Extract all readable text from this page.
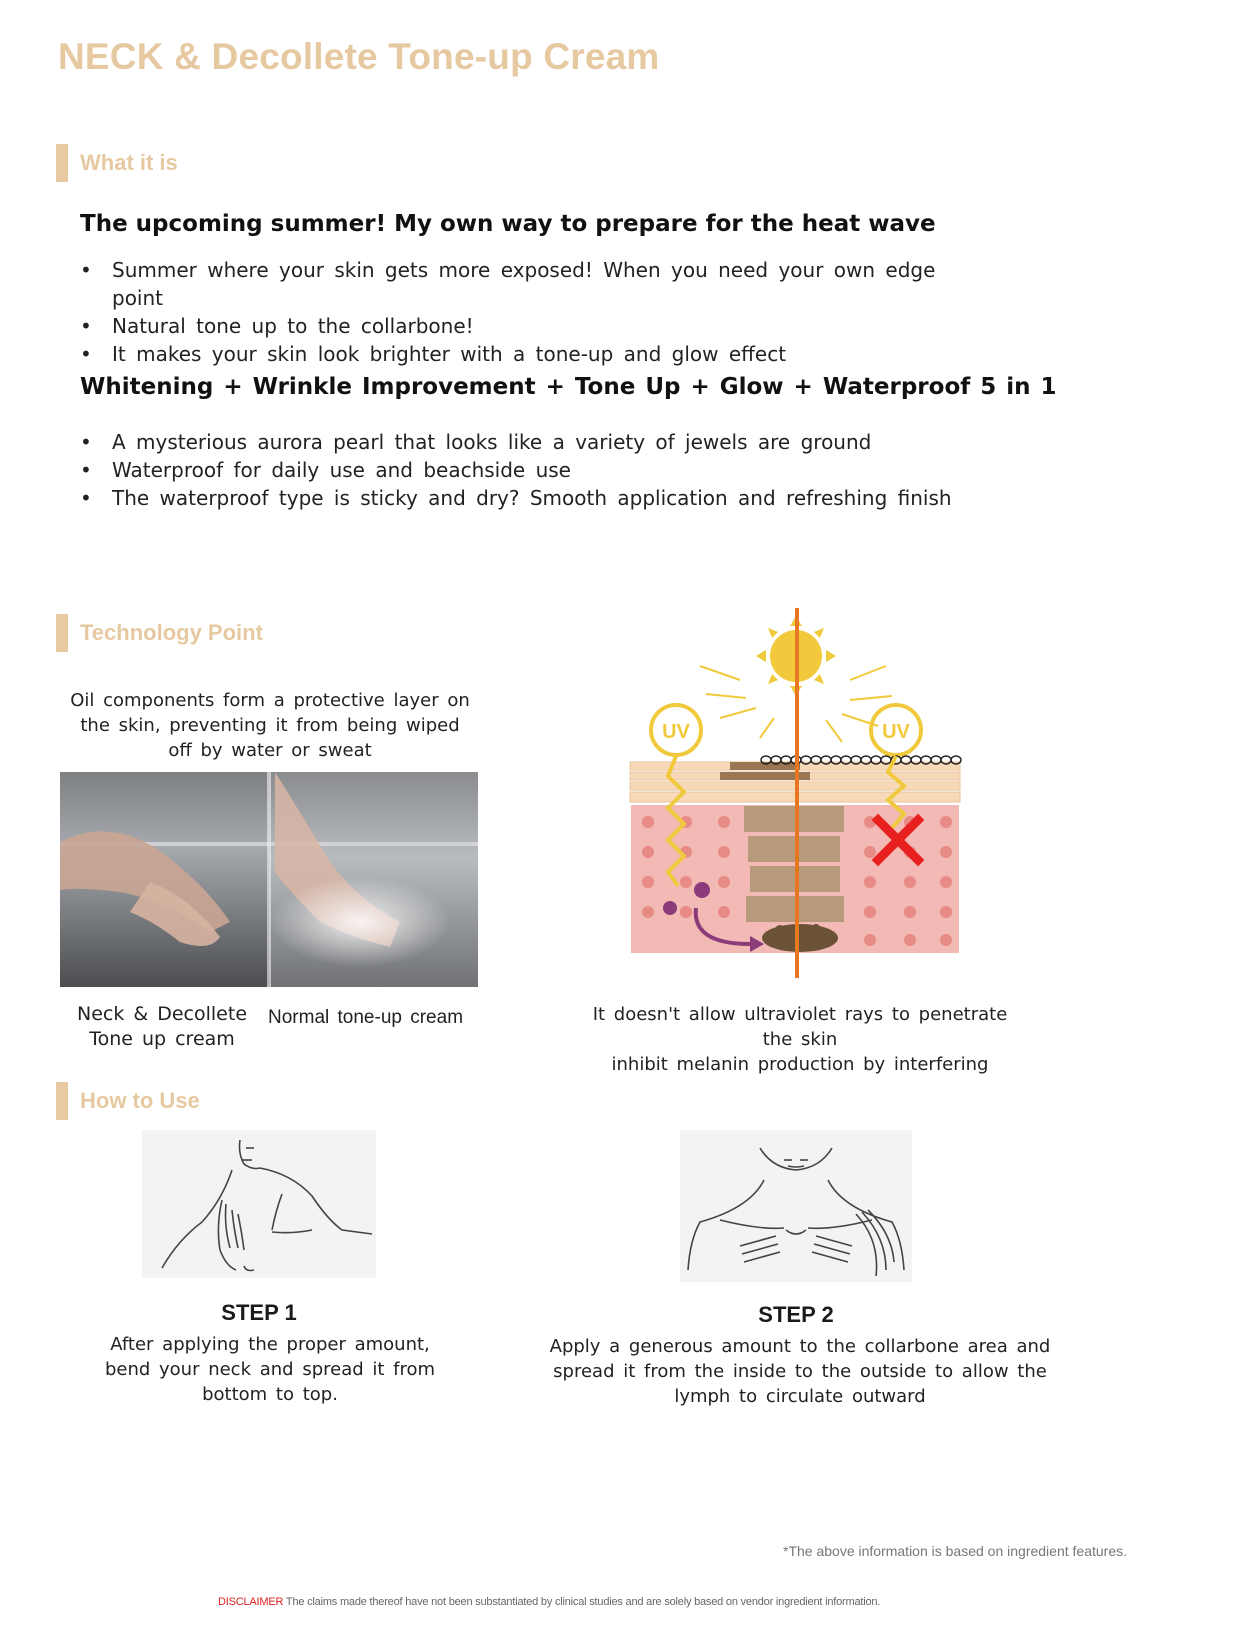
NECK & Decollete Tone-up Cream
What it is
The upcoming summer! My own way to prepare for the heat wave
• Summer where your skin gets more exposed! When you need your own edge point
• Natural tone up to the collarbone!
• It makes your skin look brighter with a tone-up and glow effect
Whitening + Wrinkle Improvement + Tone Up + Glow + Waterproof 5 in 1
• A mysterious aurora pearl that looks like a variety of jewels are ground
• Waterproof for daily use and beachside use
• The waterproof type is sticky and dry? Smooth application and refreshing finish
Technology Point
Oil components form a protective layer on the skin, preventing it from being wiped off by water or sweat
Neck & Decollete
Tone up cream
Normal tone-up cream
UV	UV
It doesn't allow ultraviolet rays to penetrate the skin
inhibit melanin production by interfering
How to Use
STEP 1
After applying the proper amount, bend your neck and spread it from bottom to top.
STEP 2
Apply a generous amount to the collarbone area and spread it from the inside to the outside to allow the lymph to circulate outward
*The above information is based on ingredient features.
DISCLAIMER The claims made thereof have not been substantiated by clinical studies and are solely based on vendor ingredient information.
